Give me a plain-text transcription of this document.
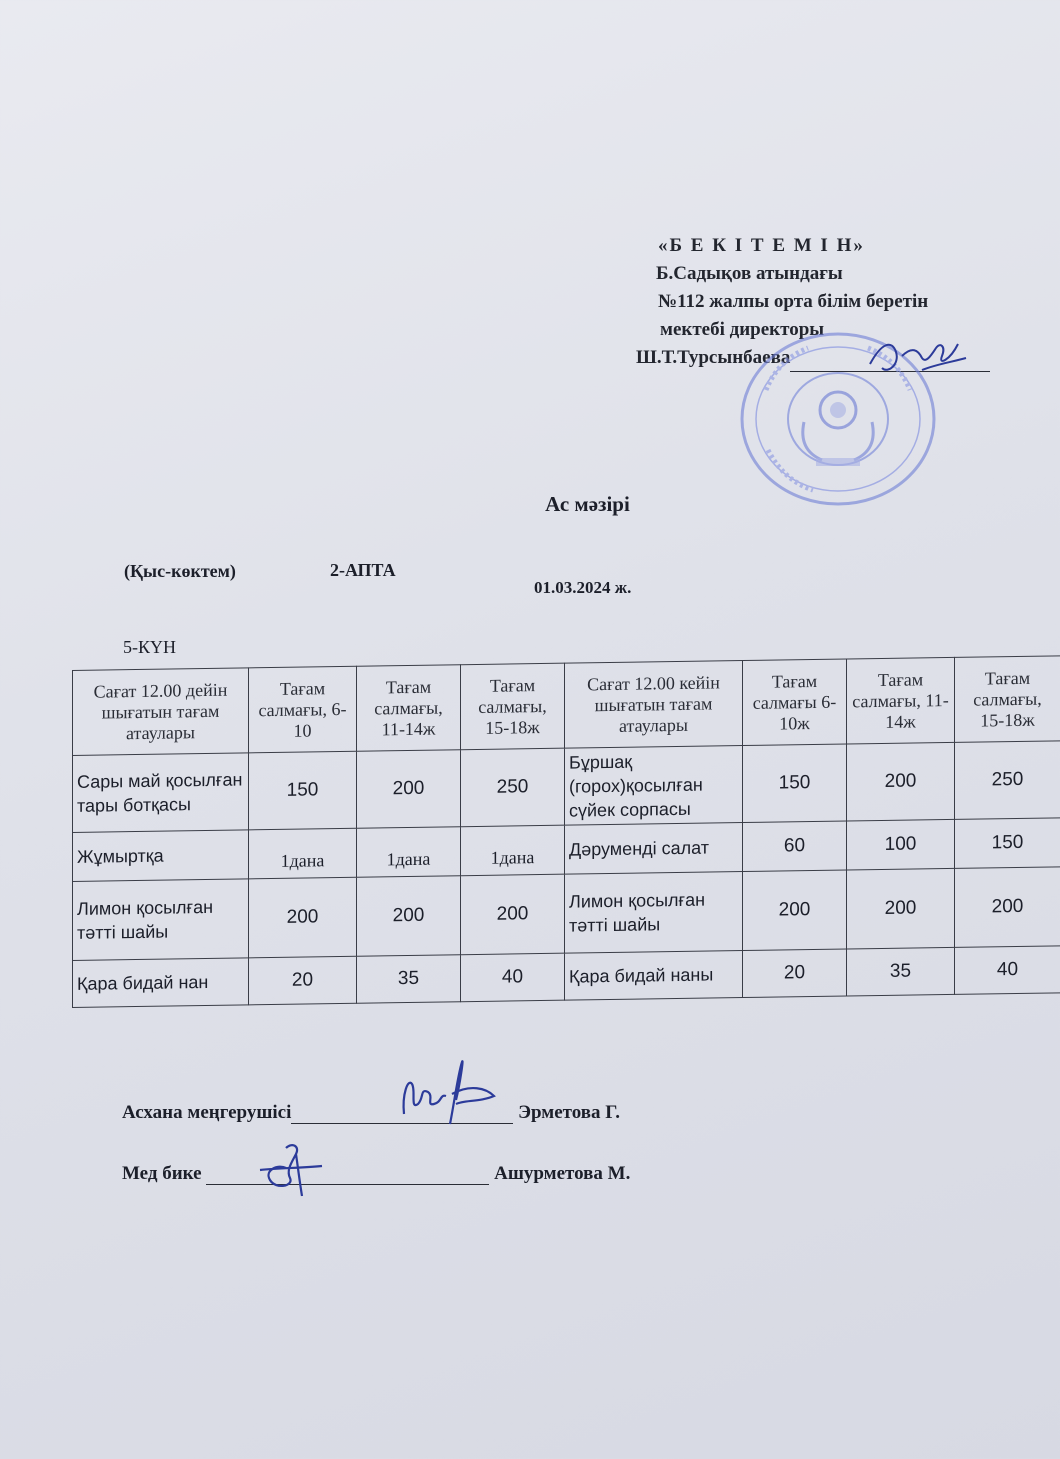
«Б Е К І Т Е М І Н»
Б.Садықов атындағы
№112 жалпы орта білім беретін
мектебі директоры
Ш.Т.Турсынбаева
Ас мәзірі
(Қыс-көктем)	2-АПТА
01.03.2024 ж.
5-КҮН
Сағат 12.00 дейін шығатын тағам атаулары	Тағам салмағы, 6-10	Тағам салмағы, 11-14ж	Тағам салмағы, 15-18ж	Сағат 12.00 кейін шығатын тағам атаулары	Тағам салмағы 6-10ж	Тағам салмағы, 11-14ж	Тағам салмағы, 15-18ж
Сары май қосылған тары ботқасы	150	200	250	Бұршақ (горох)қосылған сүйек сорпасы	150	200	250
Жұмыртқа	1дана	1дана	1дана	Дәруменді салат	60	100	150
Лимон қосылған тәтті шайы	200	200	200	Лимон қосылған тәтті шайы	200	200	200
Қара бидай нан	20	35	40	Қара бидай наны	20	35	40
Асхана меңгерушісі	Эрметова Г.
Мед бике	Ашурметова М.
